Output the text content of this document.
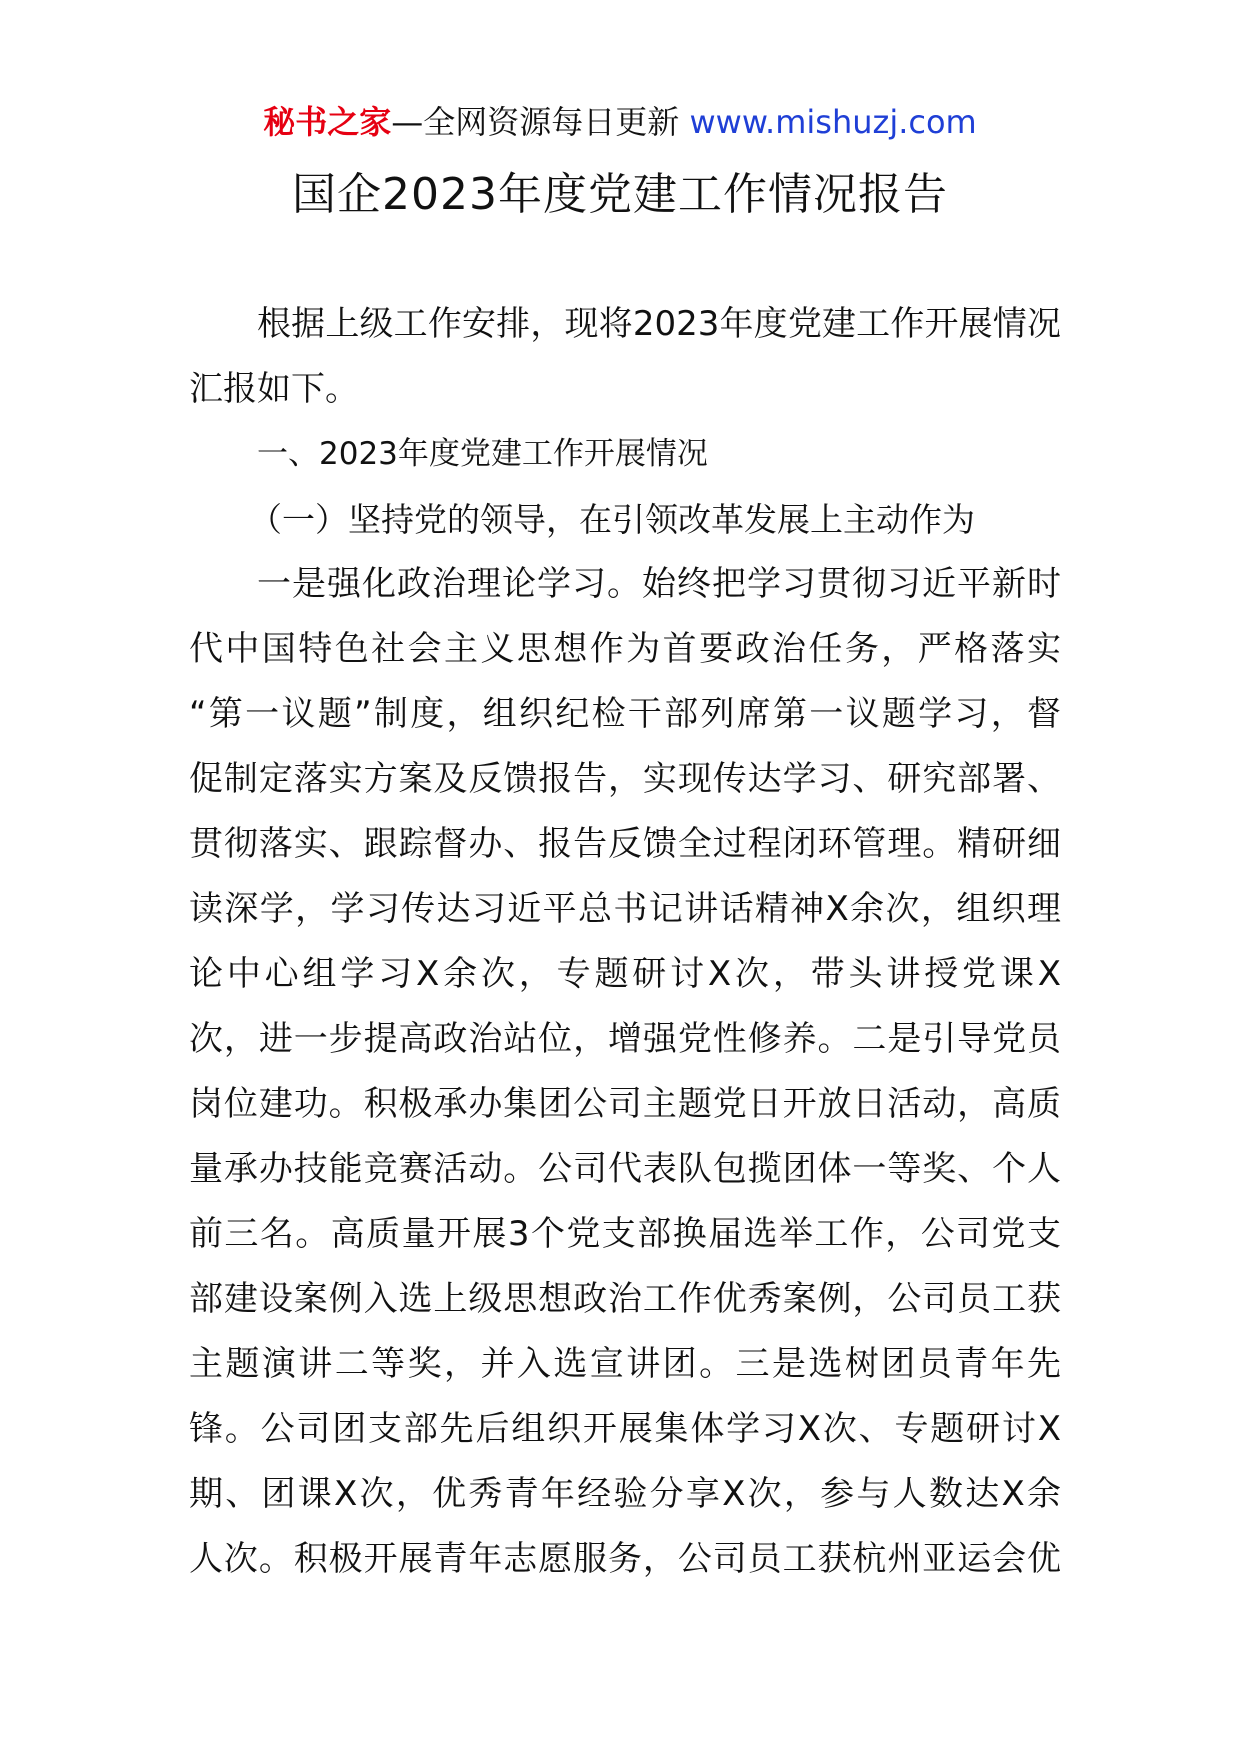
秘书之家—全网资源每日更新 www.mishuzj.com
国企2023年度党建工作情况报告

根据上级工作安排，现将2023年度党建工作开展情况
汇报如下。

一、2023年度党建工作开展情况

（一）坚持党的领导，在引领改革发展上主动作为

一是强化政治理论学习。始终把学习贯彻习近平新时
代中国特色社会主义思想作为首要政治任务，严格落实
“第一议题”制度，组织纪检干部列席第一议题学习，督
促制定落实方案及反馈报告，实现传达学习、研究部署、
贯彻落实、跟踪督办、报告反馈全过程闭环管理。精研细
读深学，学习传达习近平总书记讲话精神X余次，组织理
论中心组学习X余次，专题研讨X次，带头讲授党课X
次，进一步提高政治站位，增强党性修养。二是引导党员
岗位建功。积极承办集团公司主题党日开放日活动，高质
量承办技能竞赛活动。公司代表队包揽团体一等奖、个人
前三名。高质量开展3个党支部换届选举工作，公司党支
部建设案例入选上级思想政治工作优秀案例，公司员工获
主题演讲二等奖，并入选宣讲团。三是选树团员青年先
锋。公司团支部先后组织开展集体学习X次、专题研讨X
期、团课X次，优秀青年经验分享X次，参与人数达X余
人次。积极开展青年志愿服务，公司员工获杭州亚运会优
